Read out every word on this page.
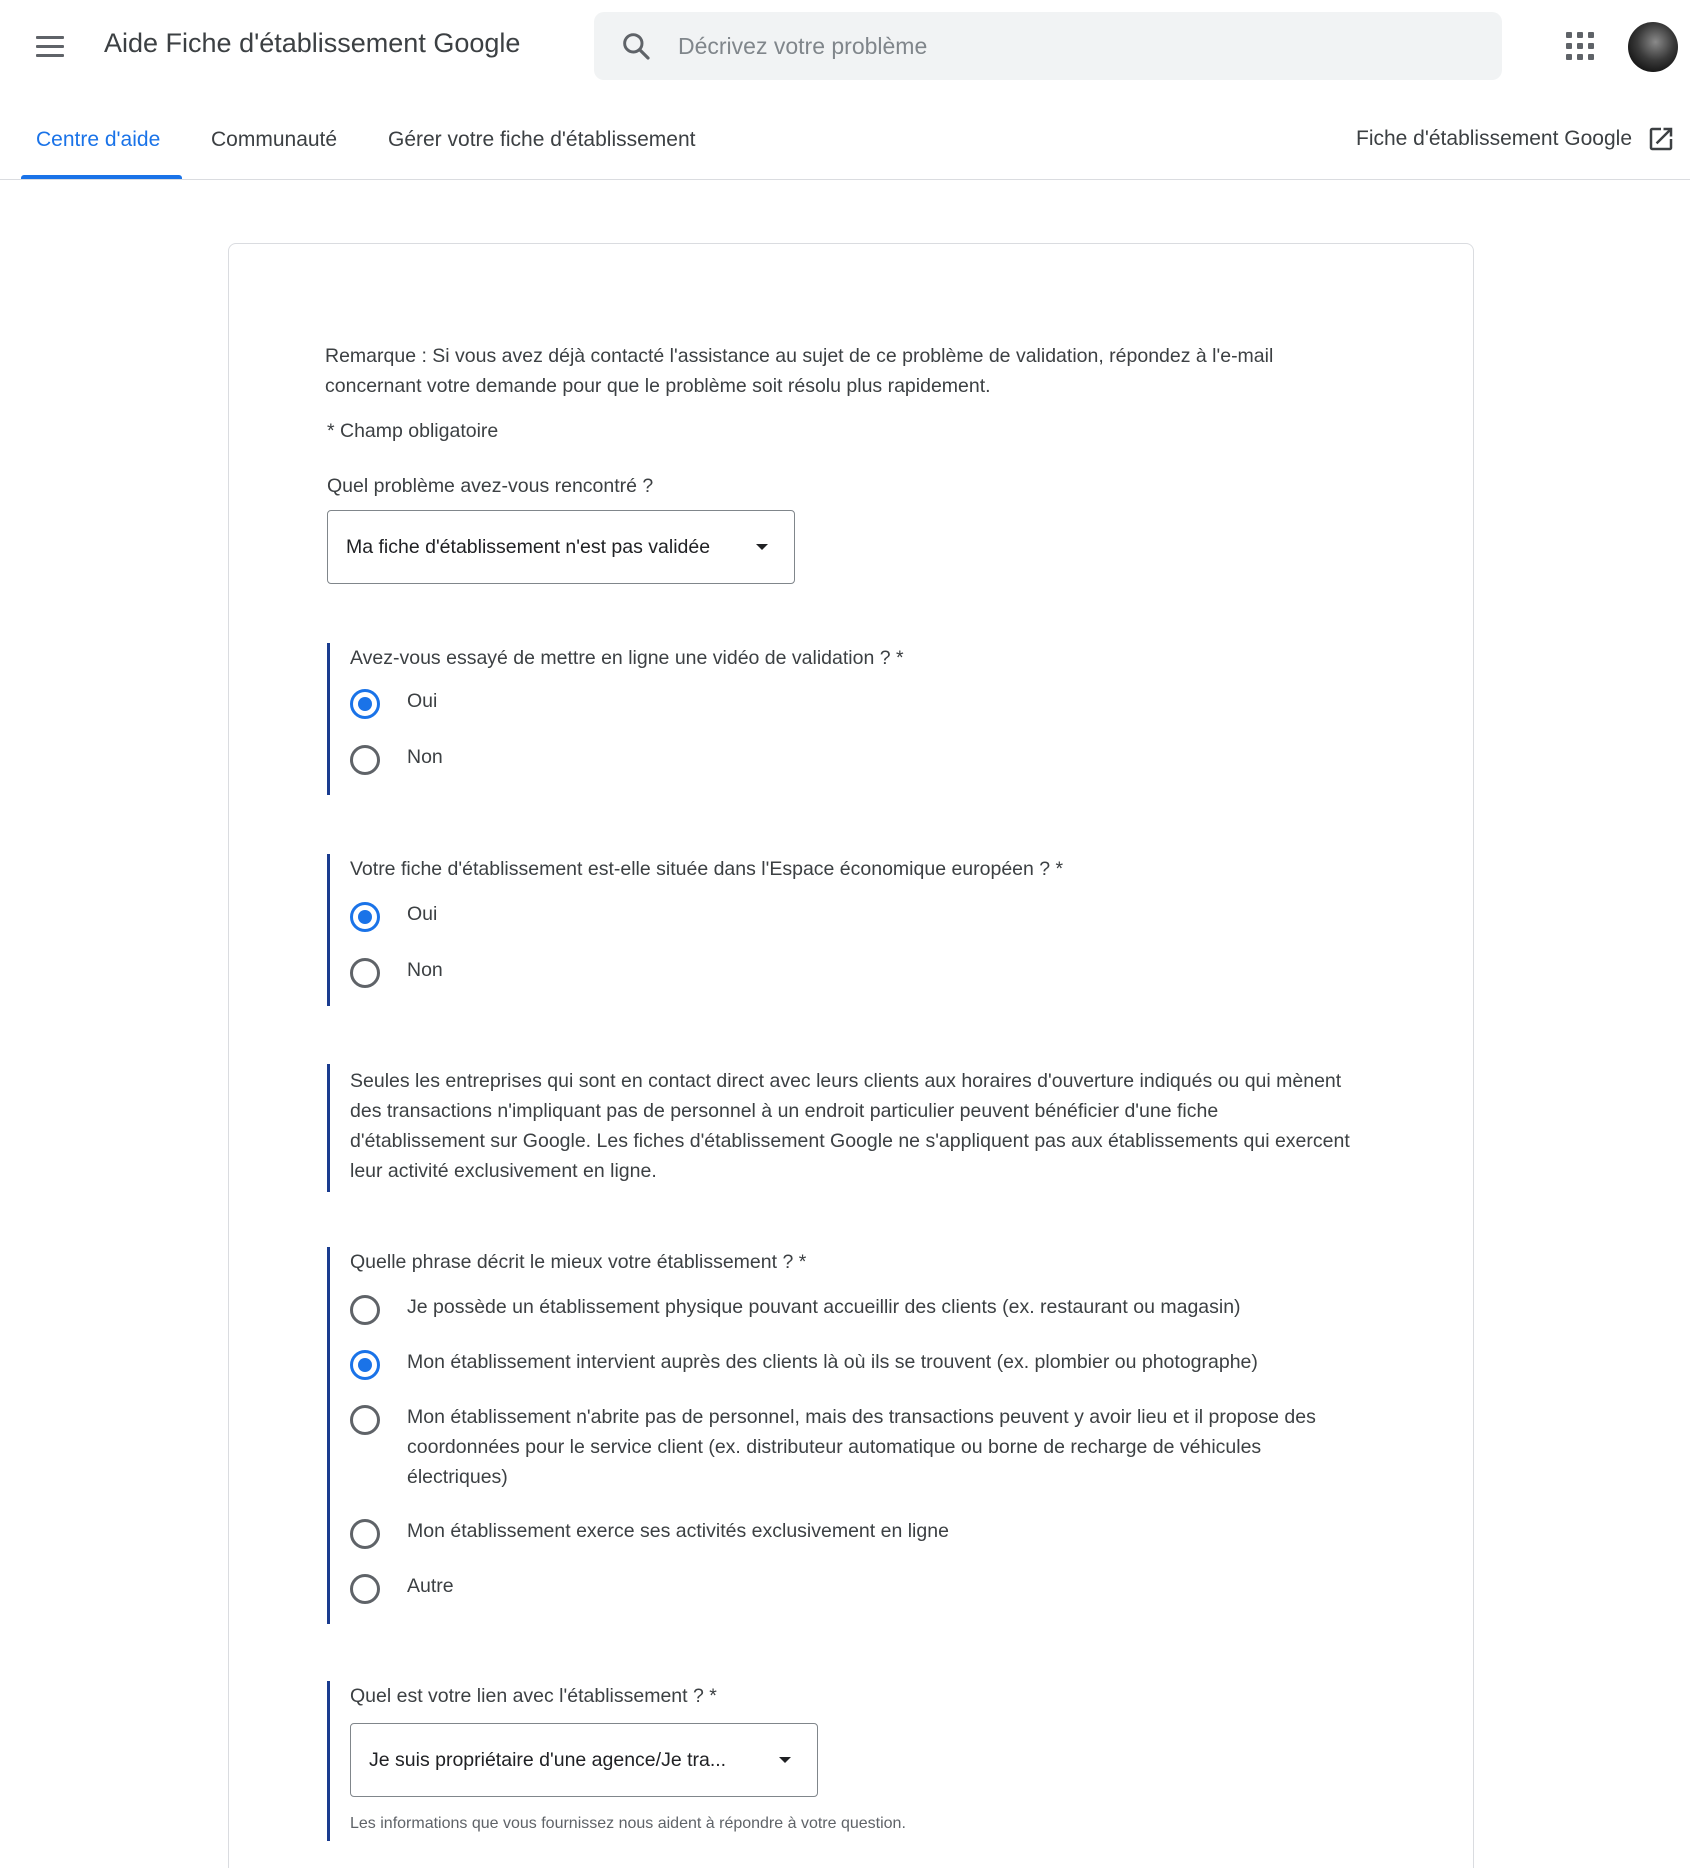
Aide Fiche d'établissement Google
Décrivez votre problème
Centre d'aide Communauté Gérer votre fiche d'établissement	Fiche d'établissement Google

Remarque : Si vous avez déjà contacté l'assistance au sujet de ce problème de validation, répondez à l'e-mail concernant votre demande pour que le problème soit résolu plus rapidement.

* Champ obligatoire
Quel problème avez-vous rencontré ?
Ma fiche d'établissement n'est pas validée
Avez-vous essayé de mettre en ligne une vidéo de validation ? *
Oui
Non
Votre fiche d'établissement est-elle située dans l'Espace économique européen ? *
Oui
Non

Seules les entreprises qui sont en contact direct avec leurs clients aux horaires d'ouverture indiqués ou qui mènent des transactions n'impliquant pas de personnel à un endroit particulier peuvent bénéficier d'une fiche d'établissement sur Google. Les fiches d'établissement Google ne s'appliquent pas aux établissements qui exercent leur activité exclusivement en ligne.

Quelle phrase décrit le mieux votre établissement ? *
Je possède un établissement physique pouvant accueillir des clients (ex. restaurant ou magasin)
Mon établissement intervient auprès des clients là où ils se trouvent (ex. plombier ou photographe)
Mon établissement n'abrite pas de personnel, mais des transactions peuvent y avoir lieu et il propose des coordonnées pour le service client (ex. distributeur automatique ou borne de recharge de véhicules électriques)
Mon établissement exerce ses activités exclusivement en ligne
Autre
Quel est votre lien avec l'établissement ? *
Je suis propriétaire d'une agence/Je tra...
Les informations que vous fournissez nous aident à répondre à votre question.
